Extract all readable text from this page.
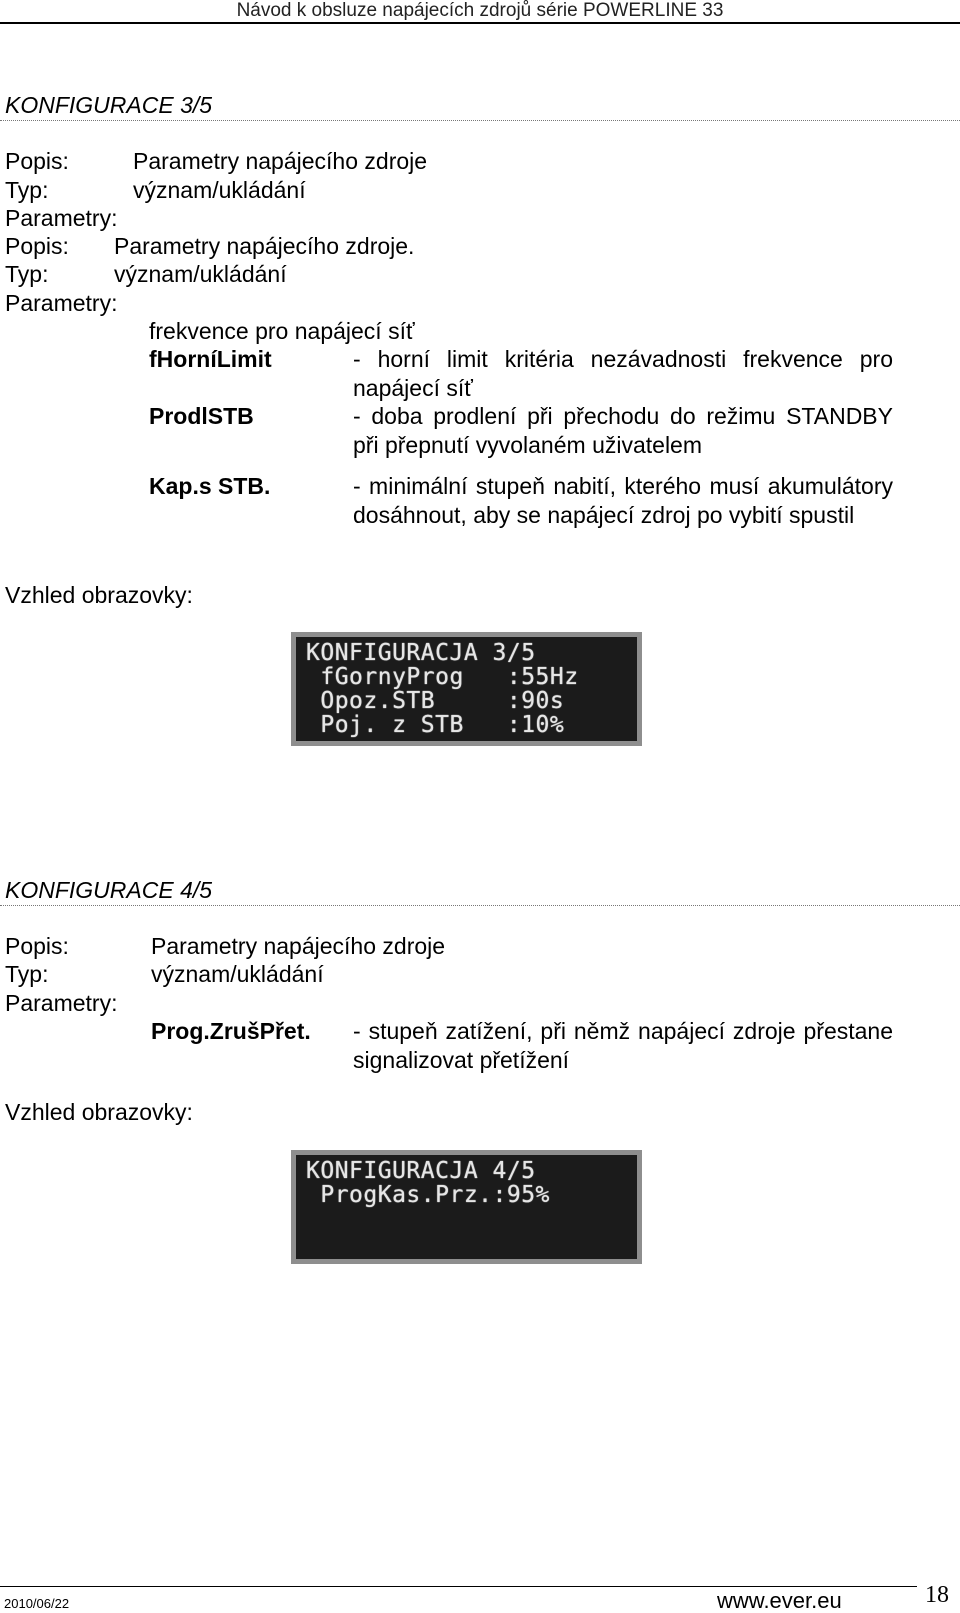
Návod k obsluze napájecích zdrojů série POWERLINE 33
KONFIGURACE 3/5
Popis:	Parametry napájecího zdroje
Typ:	význam/ukládání
Parametry:
Popis: Parametry napájecího zdroje.
Typ:	význam/ukládání
Parametry:
frekvence pro napájecí síť
fHorníLimit	- horní limit kritéria nezávadnosti frekvence pro napájecí síť
ProdlSTB	- doba prodlení při přechodu do režimu STANDBY při přepnutí vyvolaném uživatelem
Kap.s STB.	- minimální stupeň nabití, kterého musí akumulátory dosáhnout, aby se napájecí zdroj po vybití spustil
Vzhled obrazovky:
KONFIGURACJA 3/5
fGornyProg   :55Hz
Opoz.STB     :90s
Poj. z STB   :10%
KONFIGURACE 4/5
Popis:	Parametry napájecího zdroje
Typ:	význam/ukládání
Parametry:
Prog.ZrušPřet. - stupeň zatížení, při němž napájecí zdroje přestane signalizovat přetížení
Vzhled obrazovky:
KONFIGURACJA 4/5
ProgKas.Prz.:95%
2010/06/22	www.ever.eu	18
